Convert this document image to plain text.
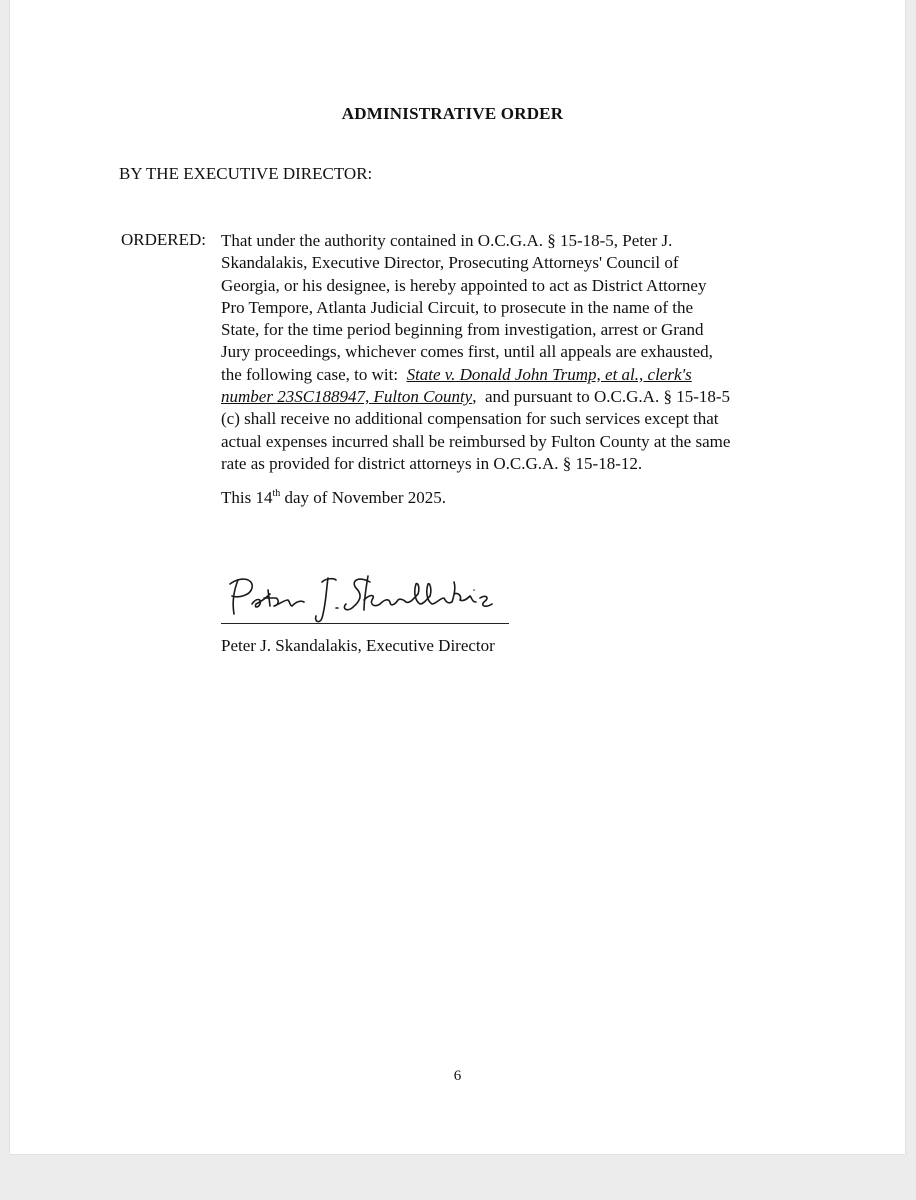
ADMINISTRATIVE ORDER
BY THE EXECUTIVE DIRECTOR:
ORDERED: That under the authority contained in O.C.G.A. § 15-18-5, Peter J.
Skandalakis, Executive Director, Prosecuting Attorneys' Council of
Georgia, or his designee, is hereby appointed to act as District Attorney
Pro Tempore, Atlanta Judicial Circuit, to prosecute in the name of the
State, for the time period beginning from investigation, arrest or Grand
Jury proceedings, whichever comes first, until all appeals are exhausted,
the following case, to wit:  State v. Donald John Trump, et al., clerk's
number 23SC188947, Fulton County,  and pursuant to O.C.G.A. § 15-18-5
(c) shall receive no additional compensation for such services except that
actual expenses incurred shall be reimbursed by Fulton County at the same
rate as provided for district attorneys in O.C.G.A. § 15-18-12.
This 14th day of November 2025.
Peter J. Skandalakis, Executive Director
6
